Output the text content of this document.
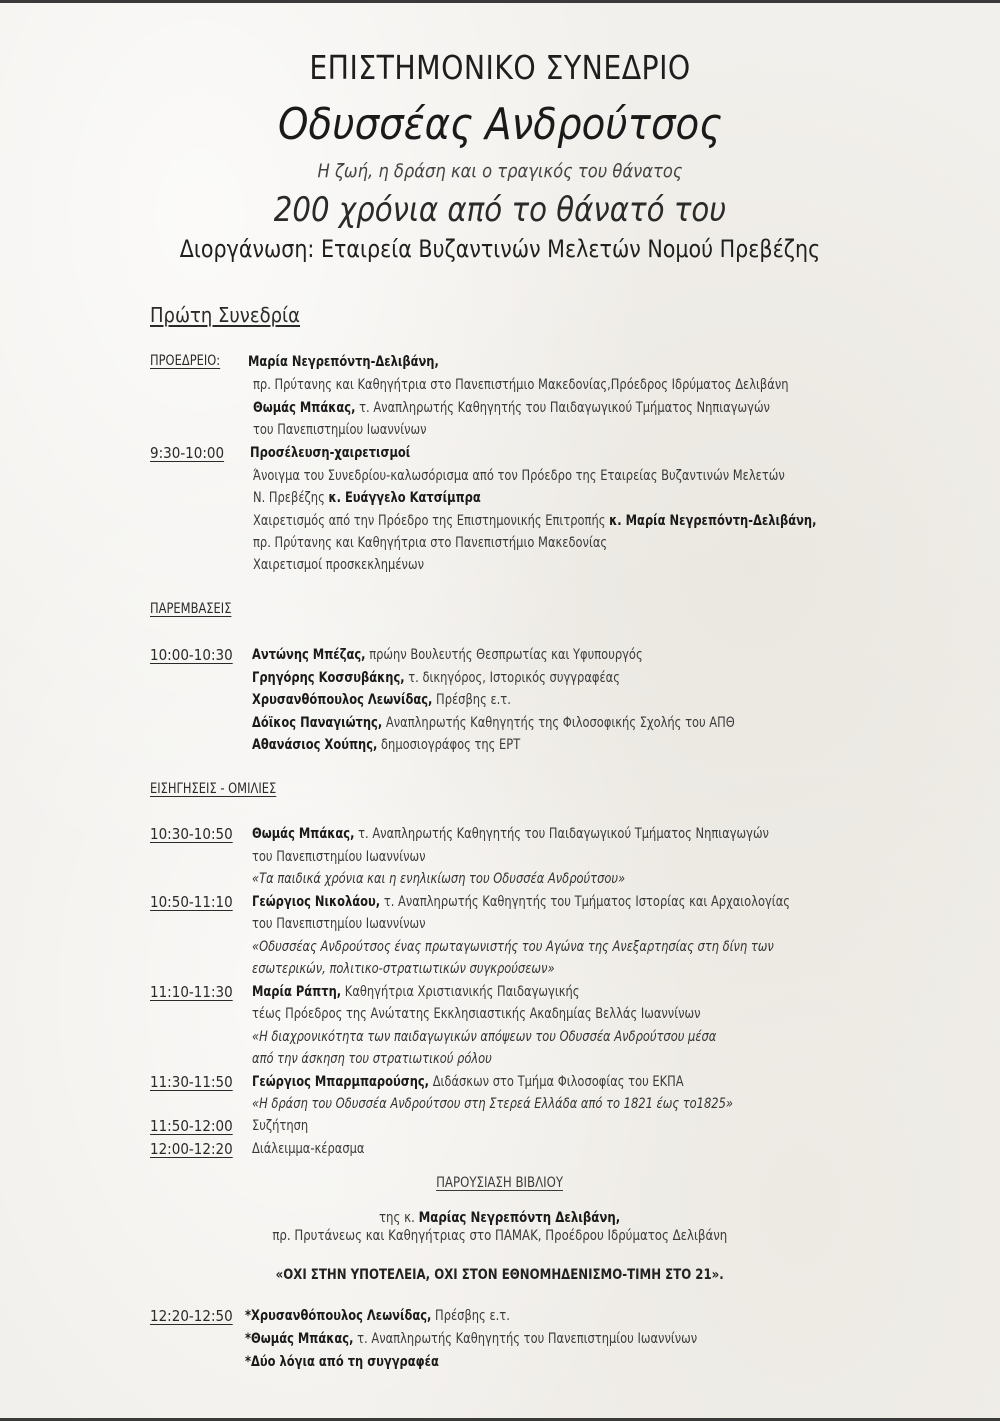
ΕΠΙΣΤΗΜΟΝΙΚΟ ΣΥΝΕΔΡΙΟ
Οδυσσέας Ανδρούτσος
Η ζωή, η δράση και ο τραγικός του θάνατος
200 χρόνια από το θάνατό του
Διοργάνωση: Εταιρεία Βυζαντινών Μελετών Νομού Πρεβέζης
Πρώτη Συνεδρία
ΠΡΟΕΔΡΕΙΟ: Μαρία Νεγρεπόντη-Δελιβάνη,
πρ. Πρύτανης και Καθηγήτρια στο Πανεπιστήμιο Μακεδονίας,Πρόεδρος Ιδρύματος Δελιβάνη
Θωμάς Μπάκας, τ. Αναπληρωτής Καθηγητής του Παιδαγωγικού Τμήματος Νηπιαγωγών
του Πανεπιστημίου Ιωαννίνων
9:30-10:00 Προσέλευση-χαιρετισμοί
Άνοιγμα του Συνεδρίου-καλωσόρισμα από τον Πρόεδρο της Εταιρείας Βυζαντινών Μελετών
Ν. Πρεβέζης κ. Ευάγγελο Κατσίμπρα
Χαιρετισμός από την Πρόεδρο της Επιστημονικής Επιτροπής κ. Μαρία Νεγρεπόντη-Δελιβάνη,
πρ. Πρύτανης και Καθηγήτρια στο Πανεπιστήμιο Μακεδονίας
Χαιρετισμοί προσκεκλημένων
ΠΑΡΕΜΒΑΣΕΙΣ
10:00-10:30 Αντώνης Μπέζας, πρώην Βουλευτής Θεσπρωτίας και Υφυπουργός
Γρηγόρης Κοσσυβάκης, τ. δικηγόρος, Ιστορικός συγγραφέας
Χρυσανθόπουλος Λεωνίδας, Πρέσβης ε.τ.
Δόϊκος Παναγιώτης, Αναπληρωτής Καθηγητής της Φιλοσοφικής Σχολής του ΑΠΘ
Αθανάσιος Χούπης, δημοσιογράφος της ΕΡΤ
ΕΙΣΗΓΗΣΕΙΣ - ΟΜΙΛΙΕΣ
10:30-10:50 Θωμάς Μπάκας, τ. Αναπληρωτής Καθηγητής του Παιδαγωγικού Τμήματος Νηπιαγωγών
του Πανεπιστημίου Ιωαννίνων
«Τα παιδικά χρόνια και η ενηλικίωση του Οδυσσέα Ανδρούτσου»
10:50-11:10 Γεώργιος Νικολάου, τ. Αναπληρωτής Καθηγητής του Τμήματος Ιστορίας και Αρχαιολογίας
του Πανεπιστημίου Ιωαννίνων
«Οδυσσέας Ανδρούτσος ένας πρωταγωνιστής του Αγώνα της Ανεξαρτησίας στη δίνη των
εσωτερικών, πολιτικο-στρατιωτικών συγκρούσεων»
11:10-11:30 Μαρία Ράπτη, Καθηγήτρια Χριστιανικής Παιδαγωγικής
τέως Πρόεδρος της Ανώτατης Εκκλησιαστικής Ακαδημίας Βελλάς Ιωαννίνων
«Η διαχρονικότητα των παιδαγωγικών απόψεων του Οδυσσέα Ανδρούτσου μέσα
από την άσκηση του στρατιωτικού ρόλου
11:30-11:50 Γεώργιος Μπαρμπαρούσης, Διδάσκων στο Τμήμα Φιλοσοφίας του ΕΚΠΑ
«Η δράση του Οδυσσέα Ανδρούτσου στη Στερεά Ελλάδα από το 1821 έως το1825»
11:50-12:00 Συζήτηση
12:00-12:20 Διάλειμμα-κέρασμα
12:20-12:50 *Χρυσανθόπουλος Λεωνίδας, Πρέσβης ε.τ.
*Θωμάς Μπάκας, τ. Αναπληρωτής Καθηγητής του Πανεπιστημίου Ιωαννίνων
*Δύο λόγια από τη συγγραφέα
ΠΑΡΟΥΣΙΑΣΗ ΒΙΒΛΙΟΥ
της κ. Μαρίας Νεγρεπόντη Δελιβάνη,
πρ. Πρυτάνεως και Καθηγήτριας στο ΠΑΜΑΚ, Προέδρου Ιδρύματος Δελιβάνη
«ΟΧΙ ΣΤΗΝ ΥΠΟΤΕΛΕΙΑ, ΟΧΙ ΣΤΟΝ ΕΘΝΟΜΗΔΕΝΙΣΜΟ-ΤΙΜΗ ΣΤΟ 21».
